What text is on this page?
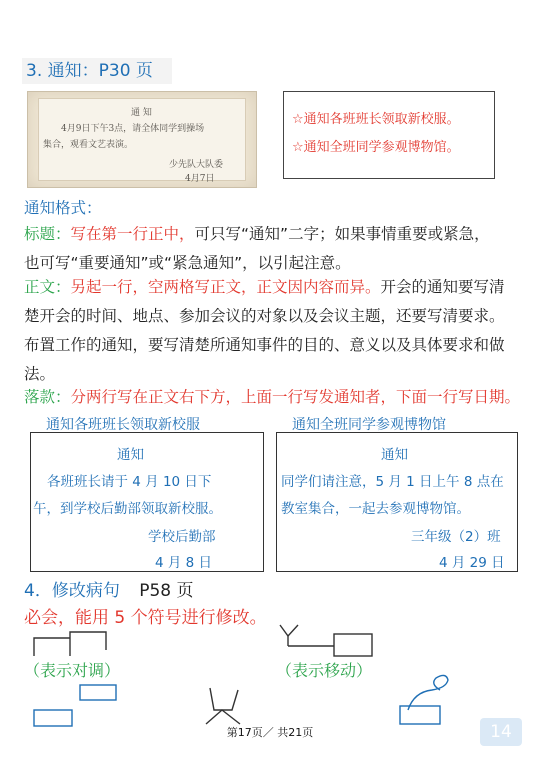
3. 通知：P30 页
通 知
4月9日下午3点，请全体同学到操场
集合，观看文艺表演。
少先队大队委
4月7日
☆通知各班班长领取新校服。
☆通知全班同学参观博物馆。
通知格式：
标题：写在第一行正中，可只写“通知”二字；如果事情重要或紧急，
也可写“重要通知”或“紧急通知”，以引起注意。
正文：另起一行，空两格写正文，正文因内容而异。开会的通知要写清
楚开会的时间、地点、参加会议的对象以及会议主题，还要写清要求。
布置工作的通知，要写清楚所通知事件的目的、意义以及具体要求和做
法。
落款：分两行写在正文右下方，上面一行写发通知者，下面一行写日期。
通知各班班长领取新校服
通知
各班班长请于 4 月 10 日下
午，到学校后勤部领取新校服。
学校后勤部
4 月 8 日
通知全班同学参观博物馆
通知
同学们请注意，5 月 1 日上午 8 点在
教室集合，一起去参观博物馆。
三年级（2）班
4 月 29 日
4．修改病句 P58 页
必会，能用 5 个符号进行修改。
（表示对调）	（表示移动）
第17页／ 共21页	14
